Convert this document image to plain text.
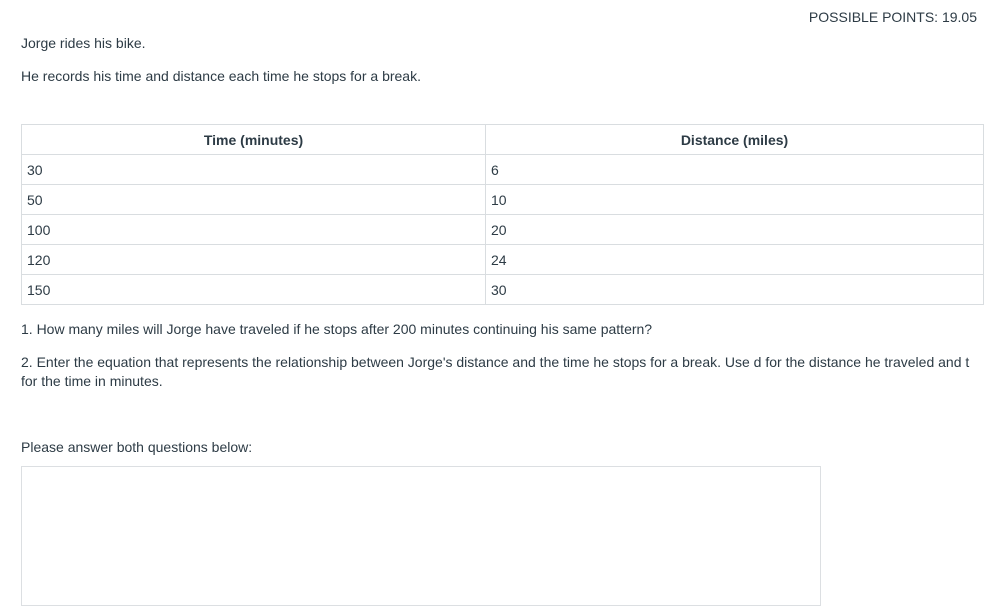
POSSIBLE POINTS: 19.05

Jorge rides his bike.

He records his time and distance each time he stops for a break.

Time (minutes)	Distance (miles)
30	6
50	10
100	20
120	24
150	30

1. How many miles will Jorge have traveled if he stops after 200 minutes continuing his same pattern?

2. Enter the equation that represents the relationship between Jorge's distance and the time he stops for a break. Use d for the distance he traveled and t for the time in minutes.

Please answer both questions below:
